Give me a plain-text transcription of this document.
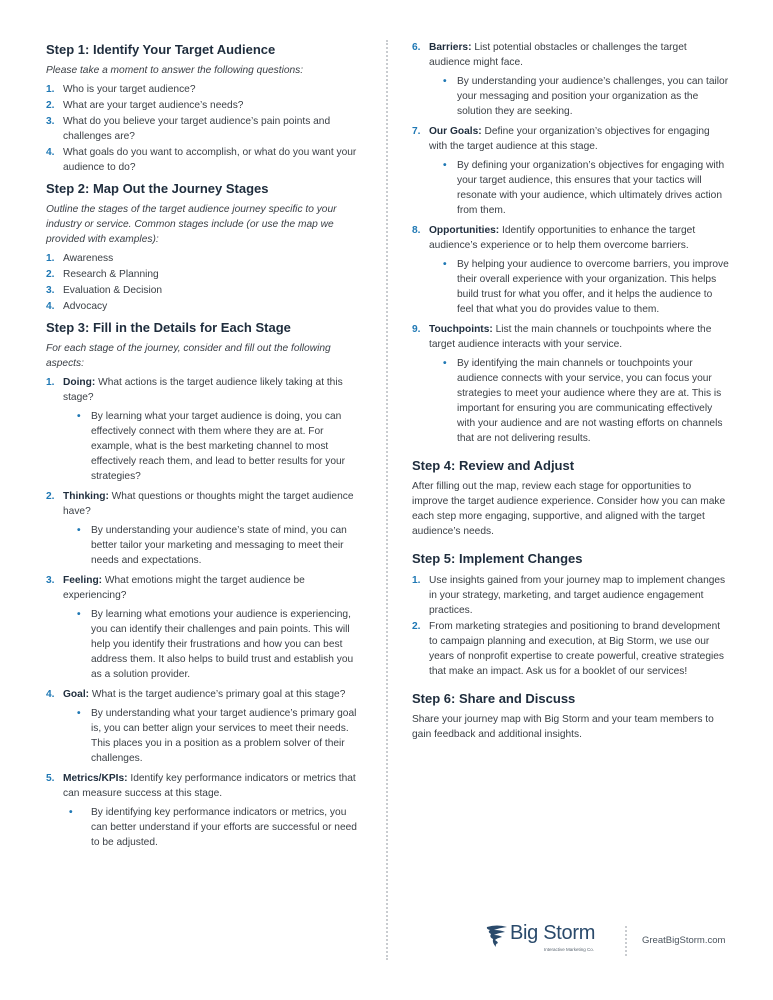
Step 1: Identify Your Target Audience

Please take a moment to answer the following questions:

1. Who is your target audience?
2. What are your target audience’s needs?
3. What do you believe your target audience’s pain points and challenges are?
4. What goals do you want to accomplish, or what do you want your audience to do?
Step 2: Map Out the Journey Stages

Outline the stages of the target audience journey specific to your industry or service. Common stages include (or use the map we provided with examples):

1. Awareness
2. Research & Planning
3. Evaluation & Decision
4. Advocacy
Step 3: Fill in the Details for Each Stage

For each stage of the journey, consider and fill out the following aspects:

1. Doing: What actions is the target audience likely taking at this stage?
• By learning what your target audience is doing, you can effectively connect with them where they are at. For example, what is the best marketing channel to most effectively reach them, and lead to better results for your strategies?
2. Thinking: What questions or thoughts might the target audience have?
• By understanding your audience’s state of mind, you can better tailor your marketing and messaging to meet their needs and expectations.
3. Feeling: What emotions might the target audience be experiencing?
• By learning what emotions your audience is experiencing, you can identify their challenges and pain points. This will help you identify their frustrations and how you can best address them. It also helps to build trust and establish you as a solution provider.
4. Goal: What is the target audience’s primary goal at this stage?
• By understanding what your target audience’s primary goal is, you can better align your services to meet their needs. This places you in a position as a problem solver of their challenges.
5. Metrics/KPIs: Identify key performance indicators or metrics that can measure success at this stage.
• By identifying key performance indicators or metrics, you can better understand if your efforts are successful or need to be adjusted.
6. Barriers: List potential obstacles or challenges the target audience might face.
• By understanding your audience’s challenges, you can tailor your messaging and position your organization as the solution they are seeking.
7. Our Goals: Define your organization’s objectives for engaging with the target audience at this stage.
• By defining your organization’s objectives for engaging with your target audience, this ensures that your tactics will resonate with your audience, which ultimately drives action from them.
8. Opportunities: Identify opportunities to enhance the target audience’s experience or to help them overcome barriers.
• By helping your audience to overcome barriers, you improve their overall experience with your organization. This helps build trust for what you offer, and it helps the audience to feel that what you do provides value to them.
9. Touchpoints: List the main channels or touchpoints where the target audience interacts with your service.
• By identifying the main channels or touchpoints your audience connects with your service, you can focus your strategies to meet your audience where they are at. This is important for ensuring you are communicating effectively with your audience and are not wasting efforts on channels that are not delivering results.
Step 4: Review and Adjust

After filling out the map, review each stage for opportunities to improve the target audience experience. Consider how you can make each step more engaging, supportive, and aligned with the target audience’s needs.

Step 5: Implement Changes
1. Use insights gained from your journey map to implement changes in your strategy, marketing, and target audience engagement practices.
2. From marketing strategies and positioning to brand development to campaign planning and execution, at Big Storm, we use our years of nonprofit expertise to create powerful, creative strategies that make an impact. Ask us for a booklet of our services!
Step 6: Share and Discuss

Share your journey map with Big Storm and your team members to gain feedback and additional insights.

Big Storm
Interactive Marketing Co.
GreatBigStorm.com
